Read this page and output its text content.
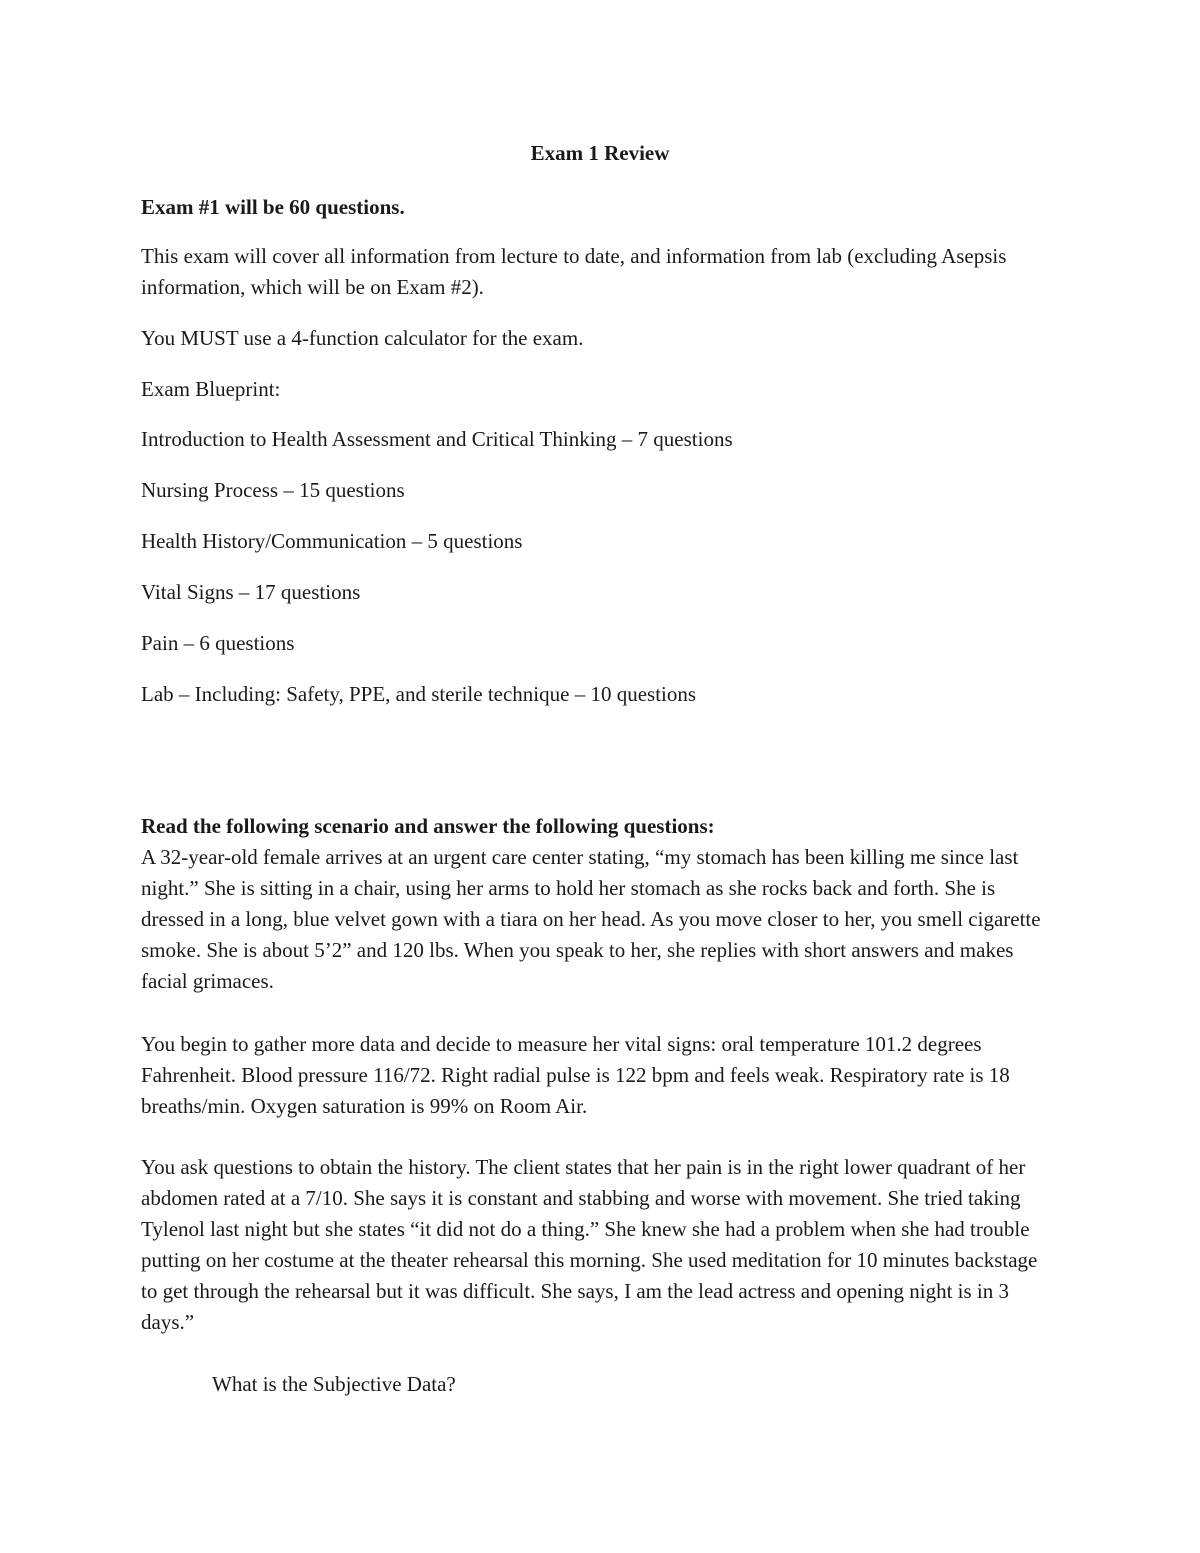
Exam 1 Review
Exam #1 will be 60 questions.
This exam will cover all information from lecture to date, and information from lab (excluding Asepsis information, which will be on Exam #2).
You MUST use a 4-function calculator for the exam.
Exam Blueprint:
Introduction to Health Assessment and Critical Thinking – 7 questions
Nursing Process – 15 questions
Health History/Communication – 5 questions
Vital Signs – 17 questions
Pain – 6 questions
Lab – Including: Safety, PPE, and sterile technique – 10 questions
Read the following scenario and answer the following questions:
A 32-year-old female arrives at an urgent care center stating, “my stomach has been killing me since last night.” She is sitting in a chair, using her arms to hold her stomach as she rocks back and forth. She is dressed in a long, blue velvet gown with a tiara on her head. As you move closer to her, you smell cigarette smoke. She is about 5’2” and 120 lbs. When you speak to her, she replies with short answers and makes facial grimaces.
You begin to gather more data and decide to measure her vital signs: oral temperature 101.2 degrees Fahrenheit. Blood pressure 116/72. Right radial pulse is 122 bpm and feels weak. Respiratory rate is 18 breaths/min. Oxygen saturation is 99% on Room Air.
You ask questions to obtain the history. The client states that her pain is in the right lower quadrant of her abdomen rated at a 7/10. She says it is constant and stabbing and worse with movement. She tried taking Tylenol last night but she states “it did not do a thing.” She knew she had a problem when she had trouble putting on her costume at the theater rehearsal this morning. She used meditation for 10 minutes backstage to get through the rehearsal but it was difficult. She says, I am the lead actress and opening night is in 3 days.”
What is the Subjective Data?
